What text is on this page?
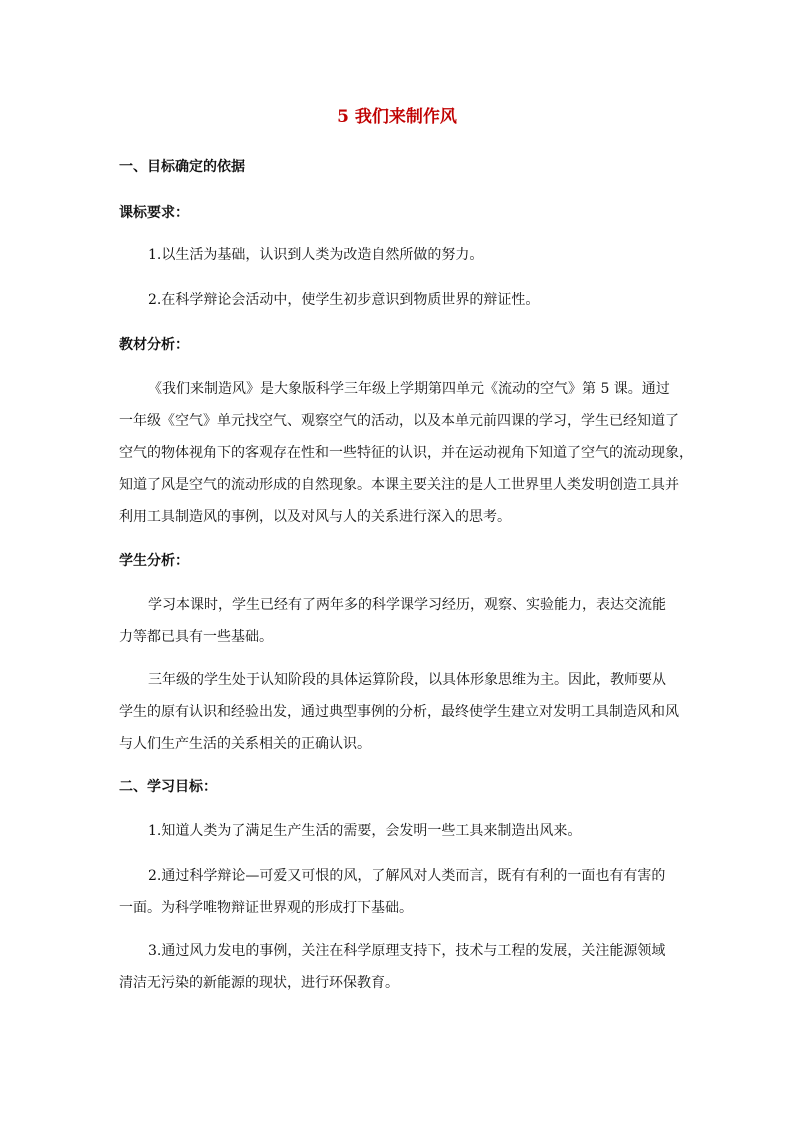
5 我们来制作风
一、目标确定的依据
课标要求：
1.以生活为基础，认识到人类为改造自然所做的努力。
2.在科学辩论会活动中，使学生初步意识到物质世界的辩证性。
教材分析：
《我们来制造风》是大象版科学三年级上学期第四单元《流动的空气》第 5 课。通过
一年级《空气》单元找空气、观察空气的活动，以及本单元前四课的学习，学生已经知道了
空气的物体视角下的客观存在性和一些特征的认识，并在运动视角下知道了空气的流动现象，
知道了风是空气的流动形成的自然现象。本课主要关注的是人工世界里人类发明创造工具并
利用工具制造风的事例，以及对风与人的关系进行深入的思考。
学生分析：
学习本课时，学生已经有了两年多的科学课学习经历，观察、实验能力，表达交流能
力等都已具有一些基础。
三年级的学生处于认知阶段的具体运算阶段，以具体形象思维为主。因此，教师要从
学生的原有认识和经验出发，通过典型事例的分析，最终使学生建立对发明工具制造风和风
与人们生产生活的关系相关的正确认识。
二、学习目标：
1.知道人类为了满足生产生活的需要，会发明一些工具来制造出风来。
2.通过科学辩论—可爱又可恨的风，了解风对人类而言，既有有利的一面也有有害的
一面。为科学唯物辩证世界观的形成打下基础。
3.通过风力发电的事例，关注在科学原理支持下，技术与工程的发展，关注能源领域
清洁无污染的新能源的现状，进行环保教育。
